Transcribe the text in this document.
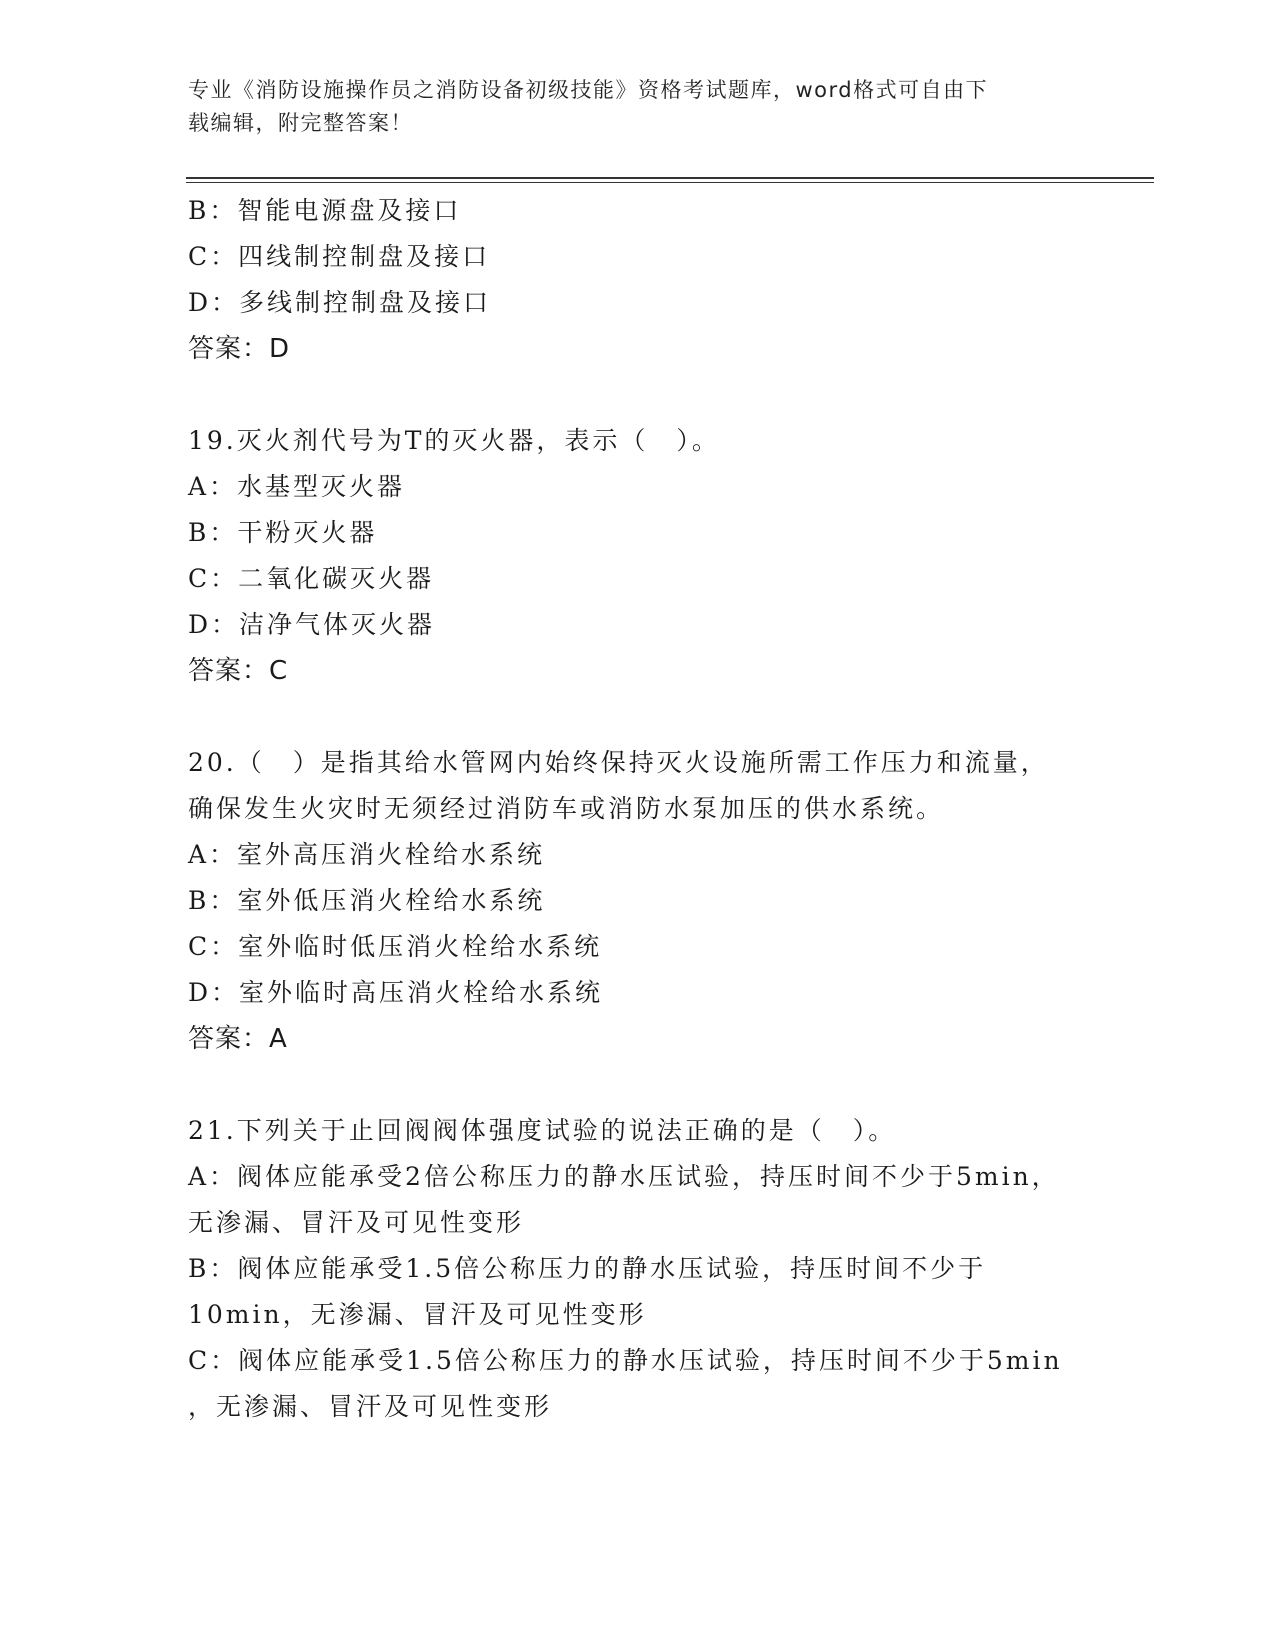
专业《消防设施操作员之消防设备初级技能》资格考试题库，word格式可自由下
载编辑，附完整答案！

B：智能电源盘及接口

C：四线制控制盘及接口

D：多线制控制盘及接口

答案：D

19.灭火剂代号为T的灭火器，表示（　）。

A：水基型灭火器

B：干粉灭火器

C：二氧化碳灭火器

D：洁净气体灭火器

答案：C

20.（　）是指其给水管网内始终保持灭火设施所需工作压力和流量，

确保发生火灾时无须经过消防车或消防水泵加压的供水系统。

A：室外高压消火栓给水系统

B：室外低压消火栓给水系统

C：室外临时低压消火栓给水系统

D：室外临时高压消火栓给水系统

答案：A

21.下列关于止回阀阀体强度试验的说法正确的是（　）。

A：阀体应能承受2倍公称压力的静水压试验，持压时间不少于5min，

无渗漏、冒汗及可见性变形

B：阀体应能承受1.5倍公称压力的静水压试验，持压时间不少于

10min，无渗漏、冒汗及可见性变形

C：阀体应能承受1.5倍公称压力的静水压试验，持压时间不少于5min

，无渗漏、冒汗及可见性变形
